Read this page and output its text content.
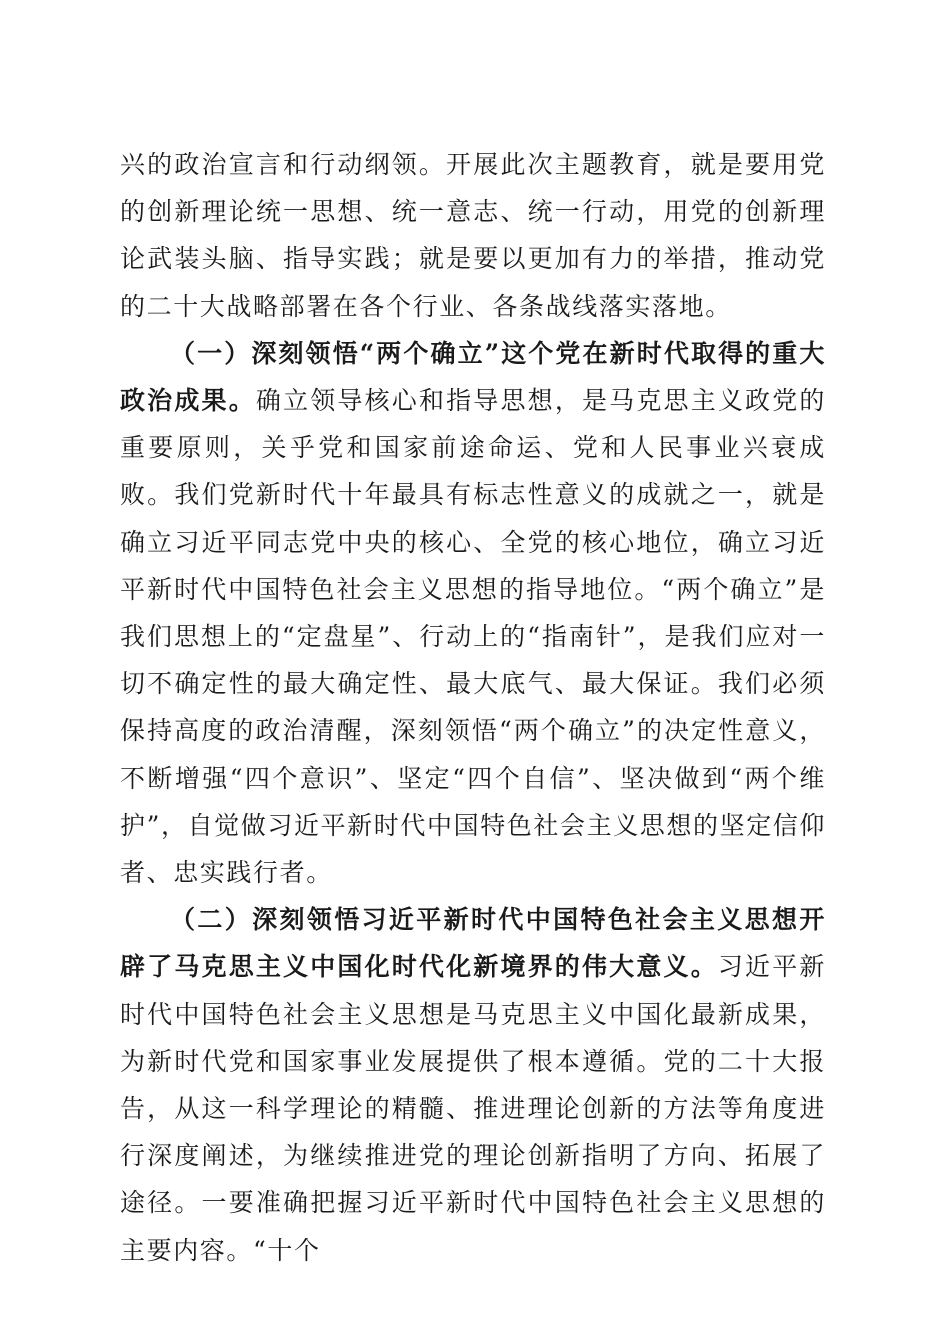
兴的政治宣言和行动纲领。开展此次主题教育，就是要用党的创新理论统一思想、统一意志、统一行动，用党的创新理论武装头脑、指导实践；就是要以更加有力的举措，推动党的二十大战略部署在各个行业、各条战线落实落地。

（一）深刻领悟“两个确立”这个党在新时代取得的重大政治成果。确立领导核心和指导思想，是马克思主义政党的重要原则，关乎党和国家前途命运、党和人民事业兴衰成败。我们党新时代十年最具有标志性意义的成就之一，就是确立习近平同志党中央的核心、全党的核心地位，确立习近平新时代中国特色社会主义思想的指导地位。“两个确立”是我们思想上的“定盘星”、行动上的“指南针”，是我们应对一切不确定性的最大确定性、最大底气、最大保证。我们必须保持高度的政治清醒，深刻领悟“两个确立”的决定性意义，不断增强“四个意识”、坚定“四个自信”、坚决做到“两个维护”，自觉做习近平新时代中国特色社会主义思想的坚定信仰者、忠实践行者。

（二）深刻领悟习近平新时代中国特色社会主义思想开辟了马克思主义中国化时代化新境界的伟大意义。习近平新时代中国特色社会主义思想是马克思主义中国化最新成果，为新时代党和国家事业发展提供了根本遵循。党的二十大报告，从这一科学理论的精髓、推进理论创新的方法等角度进行深度阐述，为继续推进党的理论创新指明了方向、拓展了途径。一要准确把握习近平新时代中国特色社会主义思想的主要内容。“十个
